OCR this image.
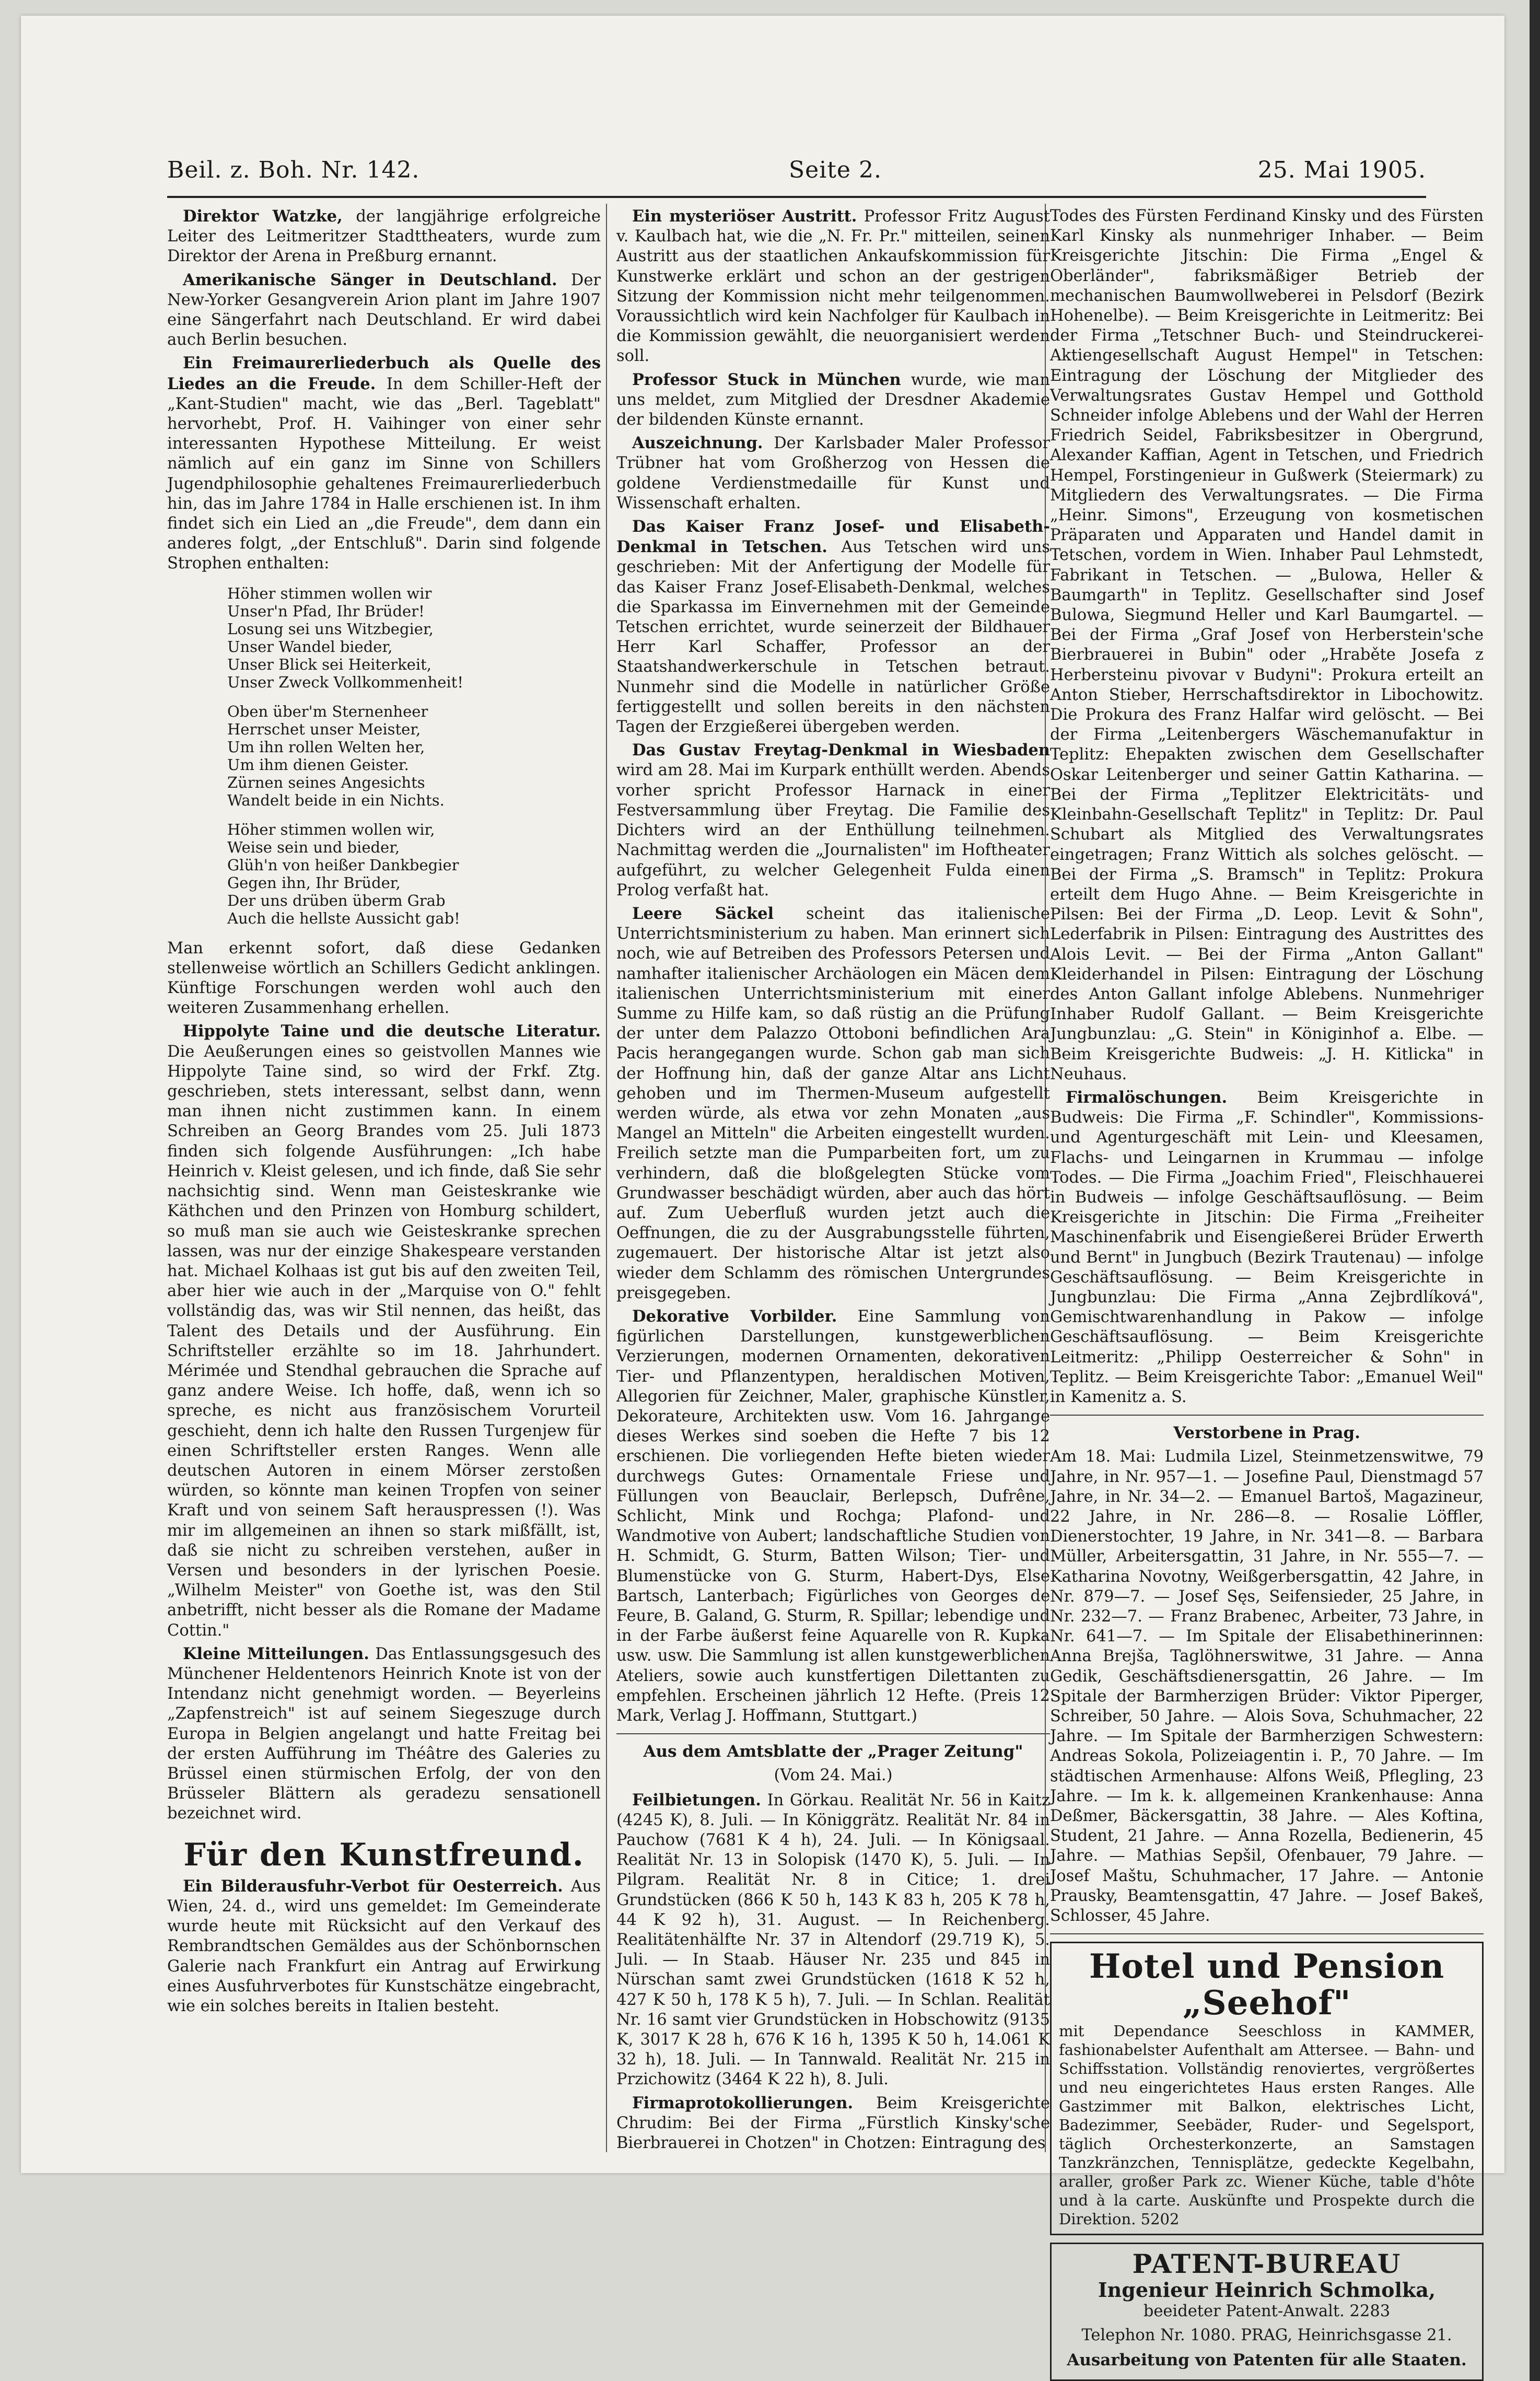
Beil. z. Boh. Nr. 142.	Seite 2.	25. Mai 1905.

Direktor Watzke, der langjährige erfolgreiche Leiter des Leitmeritzer Stadttheaters, wurde zum Direktor der Arena in Preßburg ernannt.

Amerikanische Sänger in Deutschland. Der New-Yorker Gesangverein Arion plant im Jahre 1907 eine Sängerfahrt nach Deutschland. Er wird dabei auch Berlin besuchen.

Ein Freimaurerliederbuch als Quelle des Liedes an die Freude. In dem Schiller-Heft der „Kant-Studien" macht, wie das „Berl. Tageblatt" hervorhebt, Prof. H. Vaihinger von einer sehr interessanten Hypothese Mitteilung. Er weist nämlich auf ein ganz im Sinne von Schillers Jugendphilosophie gehaltenes Freimaurerliederbuch hin, das im Jahre 1784 in Halle erschienen ist. In ihm findet sich ein Lied an „die Freude", dem dann ein anderes folgt, „der Entschluß". Darin sind folgende Strophen enthalten:

Höher stimmen wollen wir
Unser'n Pfad, Ihr Brüder!
Losung sei uns Witzbegier,
Unser Wandel bieder,
Unser Blick sei Heiterkeit,
Unser Zweck Vollkommenheit!
Oben über'm Sternenheer
Herrschet unser Meister,
Um ihn rollen Welten her,
Um ihm dienen Geister.
Zürnen seines Angesichts
Wandelt beide in ein Nichts.
Höher stimmen wollen wir,
Weise sein und bieder,
Glüh'n von heißer Dankbegier
Gegen ihn, Ihr Brüder,
Der uns drüben überm Grab
Auch die hellste Aussicht gab!

Man erkennt sofort, daß diese Gedanken stellenweise wörtlich an Schillers Gedicht anklingen. Künftige Forschungen werden wohl auch den weiteren Zusammenhang erhellen.

Hippolyte Taine und die deutsche Literatur. Die Aeußerungen eines so geistvollen Mannes wie Hippolyte Taine sind, so wird der Frkf. Ztg. geschrieben, stets interessant, selbst dann, wenn man ihnen nicht zustimmen kann. In einem Schreiben an Georg Brandes vom 25. Juli 1873 finden sich folgende Ausführungen: „Ich habe Heinrich v. Kleist gelesen, und ich finde, daß Sie sehr nachsichtig sind. Wenn man Geisteskranke wie Käthchen und den Prinzen von Homburg schildert, so muß man sie auch wie Geisteskranke sprechen lassen, was nur der einzige Shakespeare verstanden hat. Michael Kolhaas ist gut bis auf den zweiten Teil, aber hier wie auch in der „Marquise von O." fehlt vollständig das, was wir Stil nennen, das heißt, das Talent des Details und der Ausführung. Ein Schriftsteller erzählte so im 18. Jahrhundert. Mérimée und Stendhal gebrauchen die Sprache auf ganz andere Weise. Ich hoffe, daß, wenn ich so spreche, es nicht aus französischem Vorurteil geschieht, denn ich halte den Russen Turgenjew für einen Schriftsteller ersten Ranges. Wenn alle deutschen Autoren in einem Mörser zerstoßen würden, so könnte man keinen Tropfen von seiner Kraft und von seinem Saft herauspressen (!). Was mir im allgemeinen an ihnen so stark mißfällt, ist, daß sie nicht zu schreiben verstehen, außer in Versen und besonders in der lyrischen Poesie. „Wilhelm Meister" von Goethe ist, was den Stil anbetrifft, nicht besser als die Romane der Madame Cottin."

Kleine Mitteilungen. Das Entlassungsgesuch des Münchener Heldentenors Heinrich Knote ist von der Intendanz nicht genehmigt worden. — Beyerleins „Zapfenstreich" ist auf seinem Siegeszuge durch Europa in Belgien angelangt und hatte Freitag bei der ersten Aufführung im Théâtre des Galeries zu Brüssel einen stürmischen Erfolg, der von den Brüsseler Blättern als geradezu sensationell bezeichnet wird.

Für den Kunstfreund.

Ein Bilderausfuhr-Verbot für Oesterreich. Aus Wien, 24. d., wird uns gemeldet: Im Gemeinderate wurde heute mit Rücksicht auf den Verkauf des Rembrandtschen Gemäldes aus der Schönbornschen Galerie nach Frankfurt ein Antrag auf Erwirkung eines Ausfuhrverbotes für Kunstschätze eingebracht, wie ein solches bereits in Italien besteht.

Ein mysteriöser Austritt. Professor Fritz August v. Kaulbach hat, wie die „N. Fr. Pr." mitteilen, seinen Austritt aus der staatlichen Ankaufskommission für Kunstwerke erklärt und schon an der gestrigen Sitzung der Kommission nicht mehr teilgenommen. Voraussichtlich wird kein Nachfolger für Kaulbach in die Kommission gewählt, die neuorganisiert werden soll.

Professor Stuck in München wurde, wie man uns meldet, zum Mitglied der Dresdner Akademie der bildenden Künste ernannt.

Auszeichnung. Der Karlsbader Maler Professor Trübner hat vom Großherzog von Hessen die goldene Verdienstmedaille für Kunst und Wissenschaft erhalten.

Das Kaiser Franz Josef- und Elisabeth-Denkmal in Tetschen. Aus Tetschen wird uns geschrieben: Mit der Anfertigung der Modelle für das Kaiser Franz Josef-Elisabeth-Denkmal, welches die Sparkassa im Einvernehmen mit der Gemeinde Tetschen errichtet, wurde seinerzeit der Bildhauer Herr Karl Schaffer, Professor an der Staatshandwerkerschule in Tetschen betraut. Nunmehr sind die Modelle in natürlicher Größe fertiggestellt und sollen bereits in den nächsten Tagen der Erzgießerei übergeben werden.

Das Gustav Freytag-Denkmal in Wiesbaden wird am 28. Mai im Kurpark enthüllt werden. Abends vorher spricht Professor Harnack in einer Festversammlung über Freytag. Die Familie des Dichters wird an der Enthüllung teilnehmen. Nachmittag werden die „Journalisten" im Hoftheater aufgeführt, zu welcher Gelegenheit Fulda einen Prolog verfaßt hat.

Leere Säckel scheint das italienische Unterrichtsministerium zu haben. Man erinnert sich noch, wie auf Betreiben des Professors Petersen und namhafter italienischer Archäologen ein Mäcen dem italienischen Unterrichtsministerium mit einer Summe zu Hilfe kam, so daß rüstig an die Prüfung der unter dem Palazzo Ottoboni befindlichen Ara Pacis herangegangen wurde. Schon gab man sich der Hoffnung hin, daß der ganze Altar ans Licht gehoben und im Thermen-Museum aufgestellt werden würde, als etwa vor zehn Monaten „aus Mangel an Mitteln" die Arbeiten eingestellt wurden. Freilich setzte man die Pumparbeiten fort, um zu verhindern, daß die bloßgelegten Stücke vom Grundwasser beschädigt würden, aber auch das hört auf. Zum Ueberfluß wurden jetzt auch die Oeffnungen, die zu der Ausgrabungsstelle führten, zugemauert. Der historische Altar ist jetzt also wieder dem Schlamm des römischen Untergrundes preisgegeben.

Dekorative Vorbilder. Eine Sammlung von figürlichen Darstellungen, kunstgewerblichen Verzierungen, modernen Ornamenten, dekorativen Tier- und Pflanzentypen, heraldischen Motiven, Allegorien für Zeichner, Maler, graphische Künstler, Dekorateure, Architekten usw. Vom 16. Jahrgange dieses Werkes sind soeben die Hefte 7 bis 12 erschienen. Die vorliegenden Hefte bieten wieder durchwegs Gutes: Ornamentale Friese und Füllungen von Beauclair, Berlepsch, Dufrêne, Schlicht, Mink und Rochga; Plafond- und Wandmotive von Aubert; landschaftliche Studien von H. Schmidt, G. Sturm, Batten Wilson; Tier- und Blumenstücke von G. Sturm, Habert-Dys, Else Bartsch, Lanterbach; Figürliches von Georges de Feure, B. Galand, G. Sturm, R. Spillar; lebendige und in der Farbe äußerst feine Aquarelle von R. Kupka usw. usw. Die Sammlung ist allen kunstgewerblichen Ateliers, sowie auch kunstfertigen Dilettanten zu empfehlen. Erscheinen jährlich 12 Hefte. (Preis 12 Mark, Verlag J. Hoffmann, Stuttgart.)

Aus dem Amtsblatte der „Prager Zeitung"
(Vom 24. Mai.)

Feilbietungen. In Görkau. Realität Nr. 56 in Kaitz (4245 K), 8. Juli. — In Königgrätz. Realität Nr. 84 in Pauchow (7681 K 4 h), 24. Juli. — In Königsaal. Realität Nr. 13 in Solopisk (1470 K), 5. Juli. — In Pilgram. Realität Nr. 8 in Citice; 1. drei Grundstücken (866 K 50 h, 143 K 83 h, 205 K 78 h, 44 K 92 h), 31. August. — In Reichenberg. Realitätenhälfte Nr. 37 in Altendorf (29.719 K), 5. Juli. — In Staab. Häuser Nr. 235 und 845 in Nürschan samt zwei Grundstücken (1618 K 52 h, 427 K 50 h, 178 K 5 h), 7. Juli. — In Schlan. Realität Nr. 16 samt vier Grundstücken in Hobschowitz (9135 K, 3017 K 28 h, 676 K 16 h, 1395 K 50 h, 14.061 K 32 h), 18. Juli. — In Tannwald. Realität Nr. 215 in Przichowitz (3464 K 22 h), 8. Juli.

Firmaprotokollierungen. Beim Kreisgerichte Chrudim: Bei der Firma „Fürstlich Kinsky'sche Bierbrauerei in Chotzen" in Chotzen: Eintragung des

Todes des Fürsten Ferdinand Kinsky und des Fürsten Karl Kinsky als nunmehriger Inhaber. — Beim Kreisgerichte Jitschin: Die Firma „Engel & Oberländer", fabriksmäßiger Betrieb der mechanischen Baumwollweberei in Pelsdorf (Bezirk Hohenelbe). — Beim Kreisgerichte in Leitmeritz: Bei der Firma „Tetschner Buch- und Steindruckerei-Aktiengesellschaft August Hempel" in Tetschen: Eintragung der Löschung der Mitglieder des Verwaltungsrates Gustav Hempel und Gotthold Schneider infolge Ablebens und der Wahl der Herren Friedrich Seidel, Fabriksbesitzer in Obergrund, Alexander Kaffian, Agent in Tetschen, und Friedrich Hempel, Forstingenieur in Gußwerk (Steiermark) zu Mitgliedern des Verwaltungsrates. — Die Firma „Heinr. Simons", Erzeugung von kosmetischen Präparaten und Apparaten und Handel damit in Tetschen, vordem in Wien. Inhaber Paul Lehmstedt, Fabrikant in Tetschen. — „Bulowa, Heller & Baumgarth" in Teplitz. Gesellschafter sind Josef Bulowa, Siegmund Heller und Karl Baumgartel. — Bei der Firma „Graf Josef von Herberstein'sche Bierbrauerei in Bubin" oder „Hraběte Josefa z Herbersteinu pivovar v Budyni": Prokura erteilt an Anton Stieber, Herrschaftsdirektor in Libochowitz. Die Prokura des Franz Halfar wird gelöscht. — Bei der Firma „Leitenbergers Wäschemanufaktur in Teplitz: Ehepakten zwischen dem Gesellschafter Oskar Leitenberger und seiner Gattin Katharina. — Bei der Firma „Teplitzer Elektricitäts- und Kleinbahn-Gesellschaft Teplitz" in Teplitz: Dr. Paul Schubart als Mitglied des Verwaltungsrates eingetragen; Franz Wittich als solches gelöscht. — Bei der Firma „S. Bramsch" in Teplitz: Prokura erteilt dem Hugo Ahne. — Beim Kreisgerichte in Pilsen: Bei der Firma „D. Leop. Levit & Sohn", Lederfabrik in Pilsen: Eintragung des Austrittes des Alois Levit. — Bei der Firma „Anton Gallant" Kleiderhandel in Pilsen: Eintragung der Löschung des Anton Gallant infolge Ablebens. Nunmehriger Inhaber Rudolf Gallant. — Beim Kreisgerichte Jungbunzlau: „G. Stein" in Königinhof a. Elbe. — Beim Kreisgerichte Budweis: „J. H. Kitlicka" in Neuhaus.

Firmalöschungen. Beim Kreisgerichte in Budweis: Die Firma „F. Schindler", Kommissions- und Agenturgeschäft mit Lein- und Kleesamen, Flachs- und Leingarnen in Krummau — infolge Todes. — Die Firma „Joachim Fried", Fleischhauerei in Budweis — infolge Geschäftsauflösung. — Beim Kreisgerichte in Jitschin: Die Firma „Freiheiter Maschinenfabrik und Eisengießerei Brüder Erwerth und Bernt" in Jungbuch (Bezirk Trautenau) — infolge Geschäftsauflösung. — Beim Kreisgerichte in Jungbunzlau: Die Firma „Anna Zejbrdlíková", Gemischtwarenhandlung in Pakow — infolge Geschäftsauflösung. — Beim Kreisgerichte Leitmeritz: „Philipp Oesterreicher & Sohn" in Teplitz. — Beim Kreisgerichte Tabor: „Emanuel Weil" in Kamenitz a. S.

Verstorbene in Prag.

Am 18. Mai: Ludmila Lizel, Steinmetzenswitwe, 79 Jahre, in Nr. 957—1. — Josefine Paul, Dienstmagd 57 Jahre, in Nr. 34—2. — Emanuel Bartoš, Magazineur, 22 Jahre, in Nr. 286—8. — Rosalie Löffler, Dienerstochter, 19 Jahre, in Nr. 341—8. — Barbara Müller, Arbeitersgattin, 31 Jahre, in Nr. 555—7. — Katharina Novotny, Weißgerbersgattin, 42 Jahre, in Nr. 879—7. — Josef Sęs, Seifensieder, 25 Jahre, in Nr. 232—7. — Franz Brabenec, Arbeiter, 73 Jahre, in Nr. 641—7. — Im Spitale der Elisabethinerinnen: Anna Brejša, Taglöhnerswitwe, 31 Jahre. — Anna Gedik, Geschäftsdienersgattin, 26 Jahre. — Im Spitale der Barmherzigen Brüder: Viktor Piperger, Schreiber, 50 Jahre. — Alois Sova, Schuhmacher, 22 Jahre. — Im Spitale der Barmherzigen Schwestern: Andreas Sokola, Polizeiagentin i. P., 70 Jahre. — Im städtischen Armenhause: Alfons Weiß, Pflegling, 23 Jahre. — Im k. k. allgemeinen Krankenhause: Anna Deßmer, Bäckersgattin, 38 Jahre. — Ales Koftina, Student, 21 Jahre. — Anna Rozella, Bedienerin, 45 Jahre. — Mathias Sepšil, Ofenbauer, 79 Jahre. — Josef Maštu, Schuhmacher, 17 Jahre. — Antonie Prausky, Beamtensgattin, 47 Jahre. — Josef Bakeš, Schlosser, 45 Jahre.

Hotel und Pension „Seehof"
mit Dependance Seeschloss in KAMMER, fashionabelster Aufenthalt am Attersee. — Bahn- und Schiffsstation. Vollständig renoviertes, vergrößertes und neu eingerichtetes Haus ersten Ranges. Alle Gastzimmer mit Balkon, elektrisches Licht, Badezimmer, Seebäder, Ruder- und Segelsport, täglich Orchesterkonzerte, an Samstagen Tanzkränzchen, Tennisplätze, gedeckte Kegelbahn, araller, großer Park zc. Wiener Küche, table d'hôte und à la carte. Auskünfte und Prospekte durch die Direktion. 5202
PATENT-BUREAU
Ingenieur Heinrich Schmolka,
beeideter Patent-Anwalt. 2283
Telephon Nr. 1080. PRAG, Heinrichsgasse 21.
Ausarbeitung von Patenten für alle Staaten.
